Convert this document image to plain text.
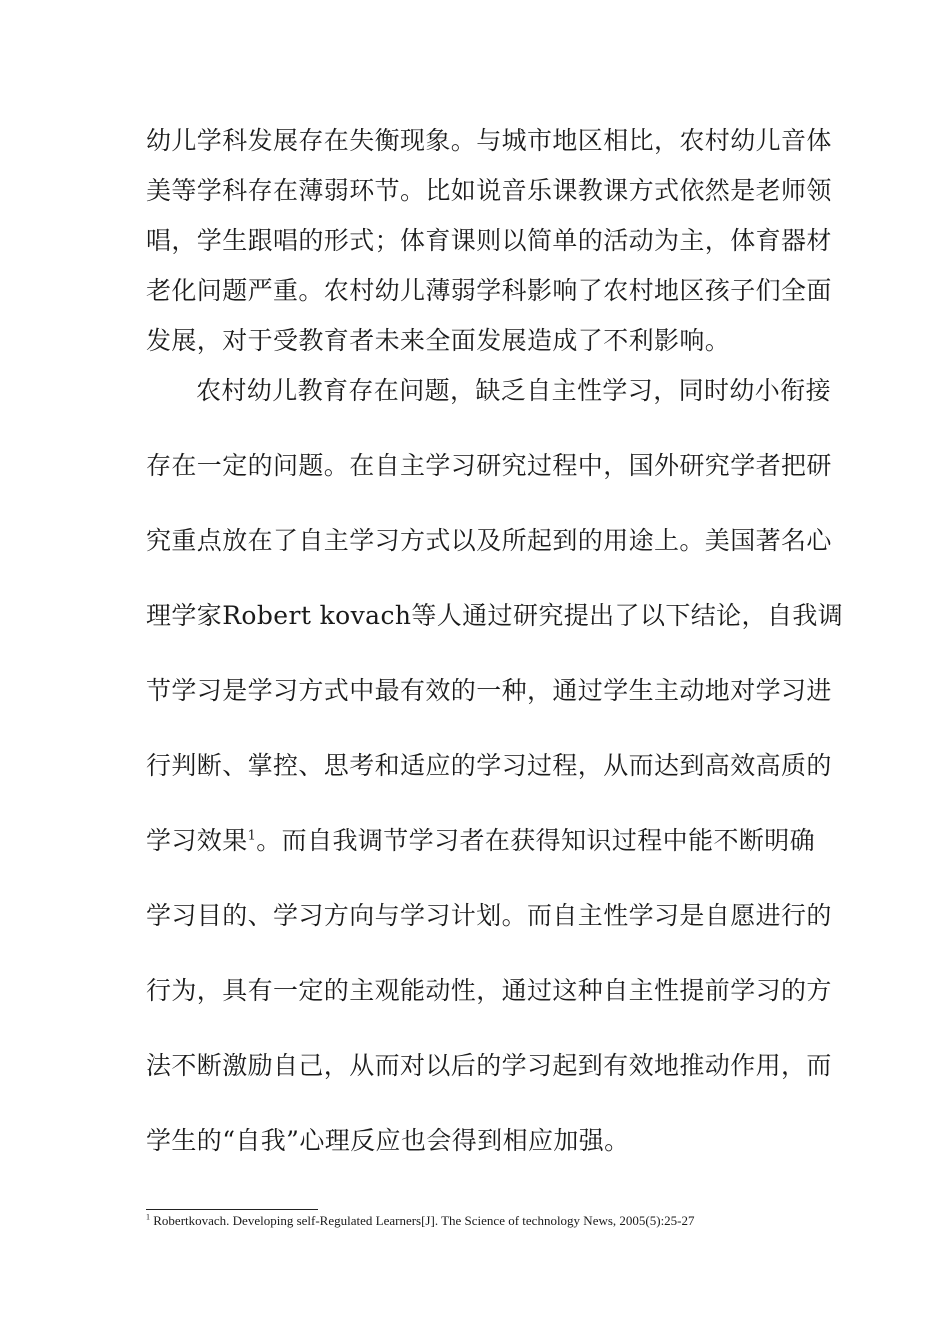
幼儿学科发展存在失衡现象。与城市地区相比，农村幼儿音体
美等学科存在薄弱环节。比如说音乐课教课方式依然是老师领
唱，学生跟唱的形式；体育课则以简单的活动为主，体育器材
老化问题严重。农村幼儿薄弱学科影响了农村地区孩子们全面
发展，对于受教育者未来全面发展造成了不利影响。
农村幼儿教育存在问题，缺乏自主性学习，同时幼小衔接
存在一定的问题。在自主学习研究过程中，国外研究学者把研
究重点放在了自主学习方式以及所起到的用途上。美国著名心
理学家Robert kovach等人通过研究提出了以下结论，自我调
节学习是学习方式中最有效的一种，通过学生主动地对学习进
行判断、掌控、思考和适应的学习过程，从而达到高效高质的
学习效果$^1$。而自我调节学习者在获得知识过程中能不断明确
学习目的、学习方向与学习计划。而自主性学习是自愿进行的
行为，具有一定的主观能动性，通过这种自主性提前学习的方
法不断激励自己，从而对以后的学习起到有效地推动作用，而
学生的“自我”心理反应也会得到相应加强。
$^1$ Robertkovach. Developing self-Regulated Learners[J]. The Science of technology News, 2005(5):25-27
